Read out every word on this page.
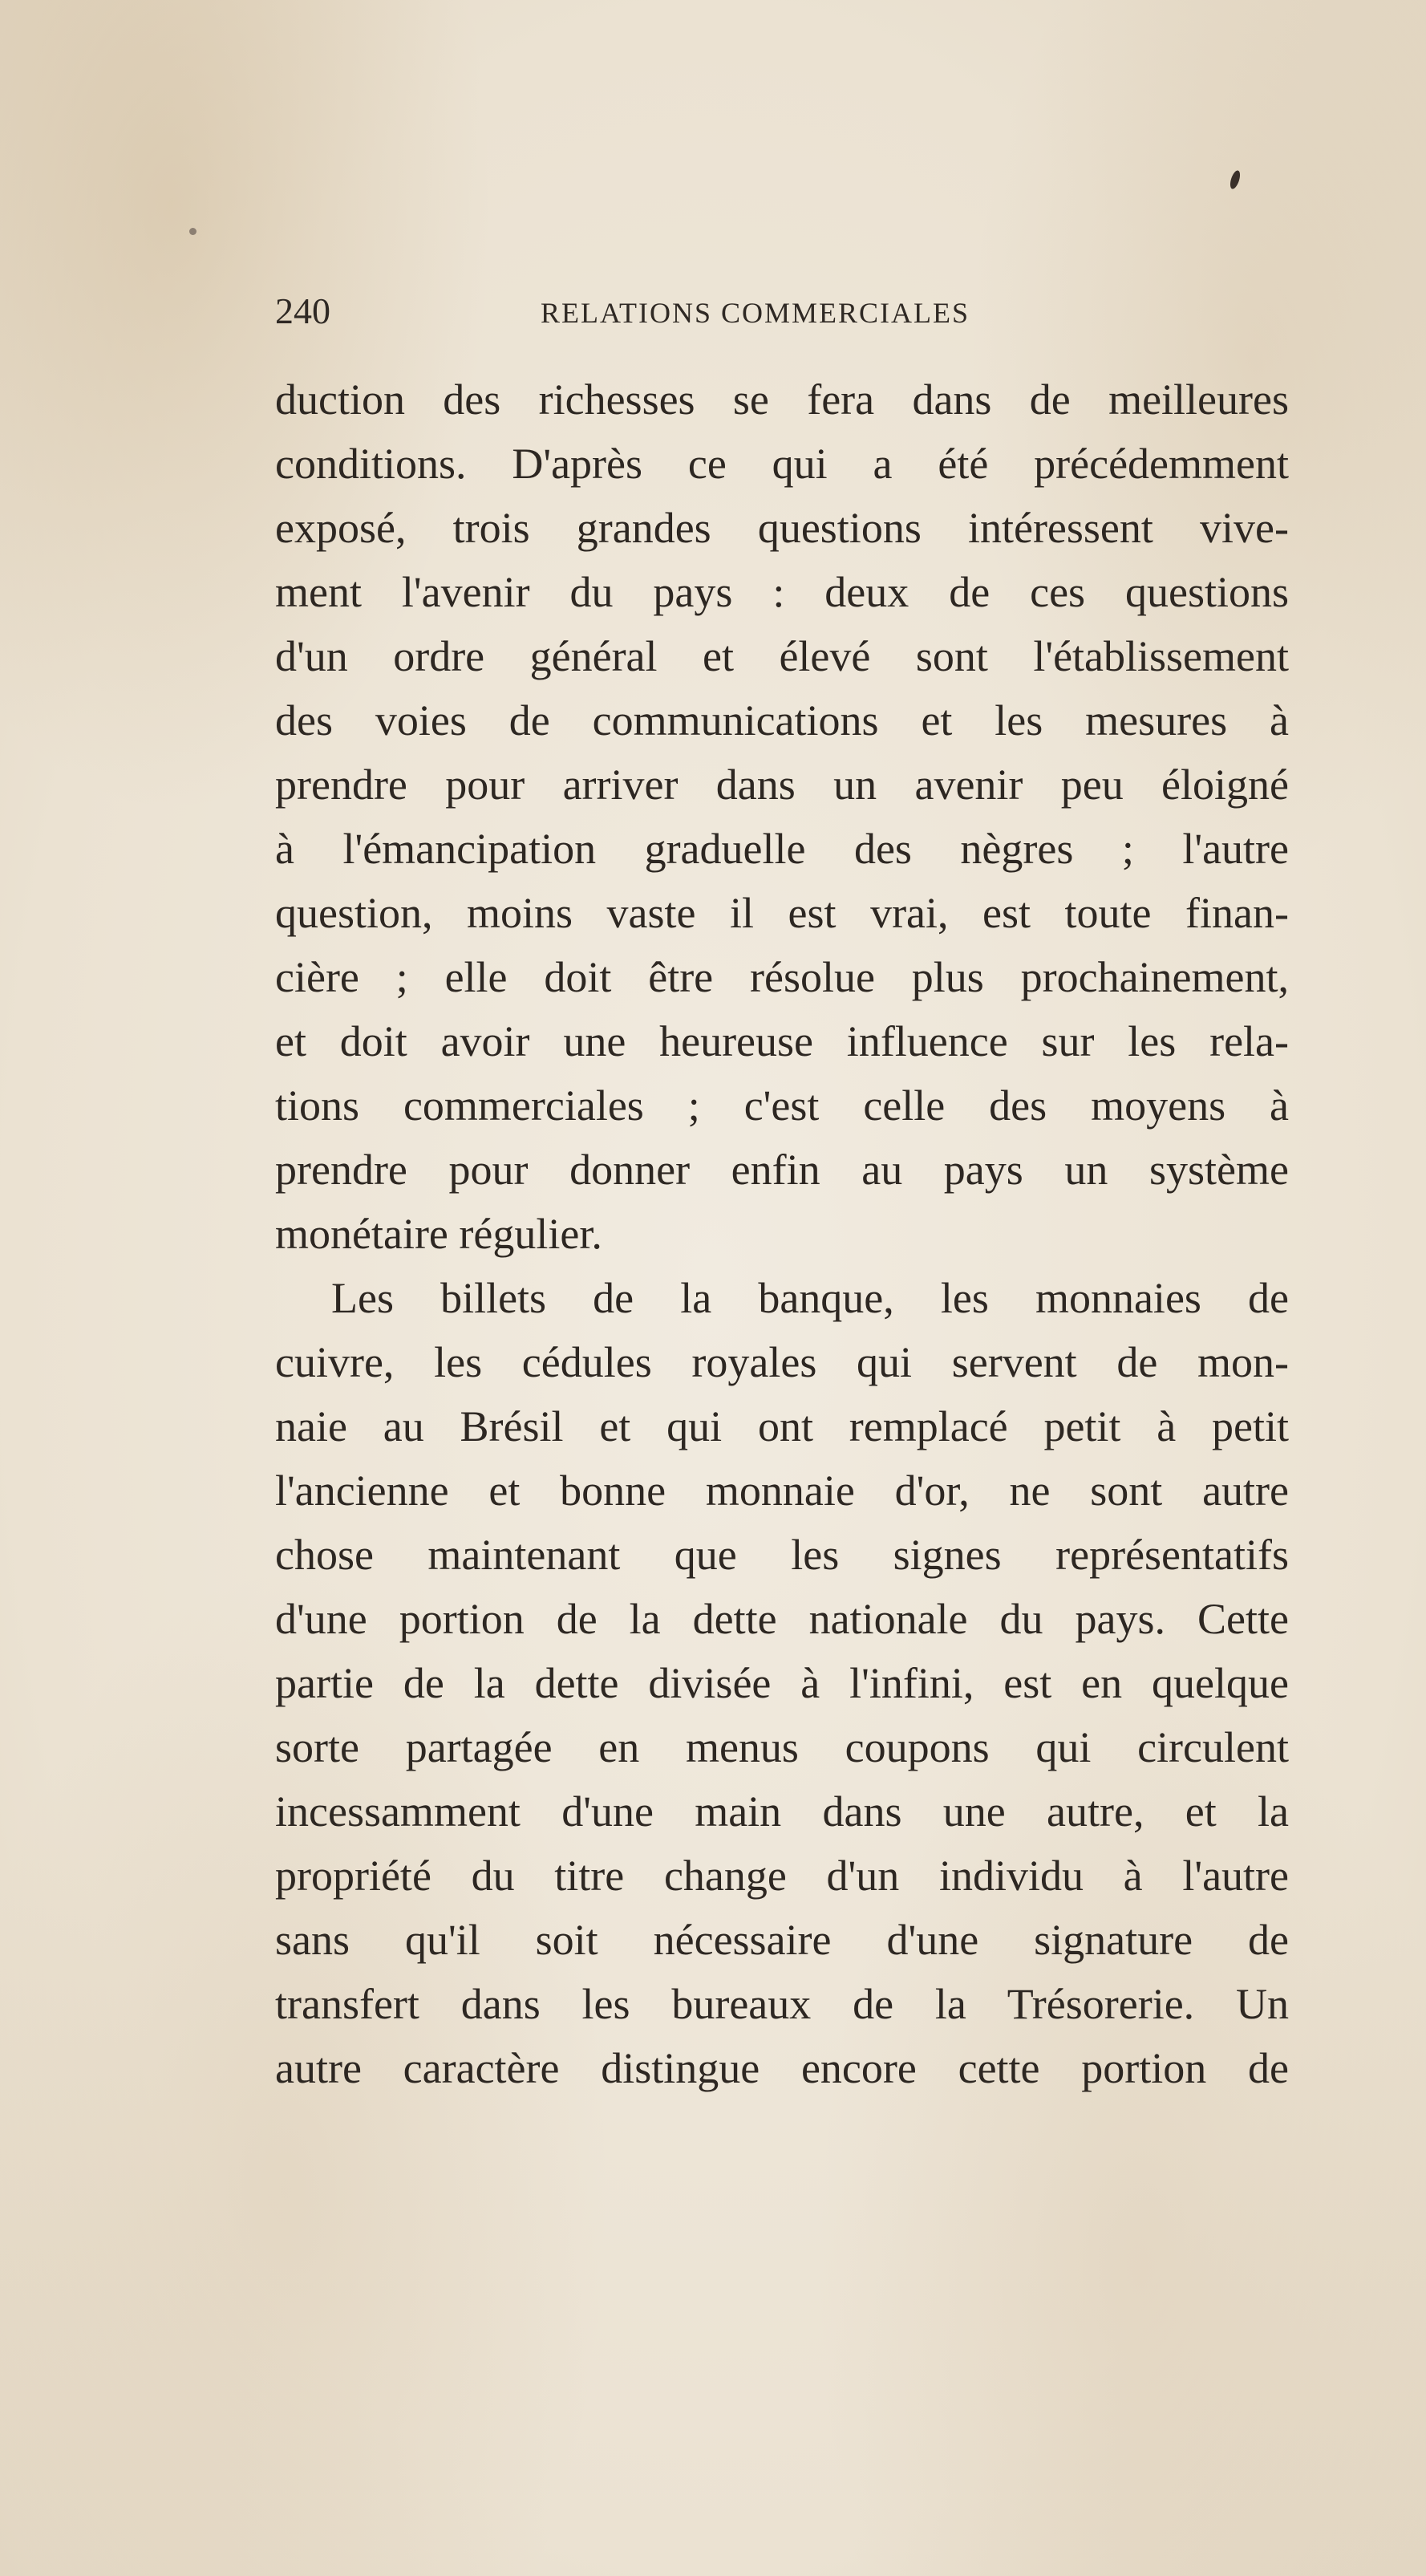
240	RELATIONS COMMERCIALES
duction des richesses se fera dans de meilleures
conditions. D'après ce qui a été précédemment
exposé, trois grandes questions intéressent vive-
ment l'avenir du pays : deux de ces questions
d'un ordre général et élevé sont l'établissement
des voies de communications et les mesures à
prendre pour arriver dans un avenir peu éloigné
à l'émancipation graduelle des nègres ; l'autre
question, moins vaste il est vrai, est toute finan-
cière ; elle doit être résolue plus prochainement,
et doit avoir une heureuse influence sur les rela-
tions commerciales ; c'est celle des moyens à
prendre pour donner enfin au pays un système
monétaire régulier.
Les billets de la banque, les monnaies de
cuivre, les cédules royales qui servent de mon-
naie au Brésil et qui ont remplacé petit à petit
l'ancienne et bonne monnaie d'or, ne sont autre
chose maintenant que les signes représentatifs
d'une portion de la dette nationale du pays. Cette
partie de la dette divisée à l'infini, est en quelque
sorte partagée en menus coupons qui circulent
incessamment d'une main dans une autre, et la
propriété du titre change d'un individu à l'autre
sans qu'il soit nécessaire d'une signature de
transfert dans les bureaux de la Trésorerie. Un
autre caractère distingue encore cette portion de
